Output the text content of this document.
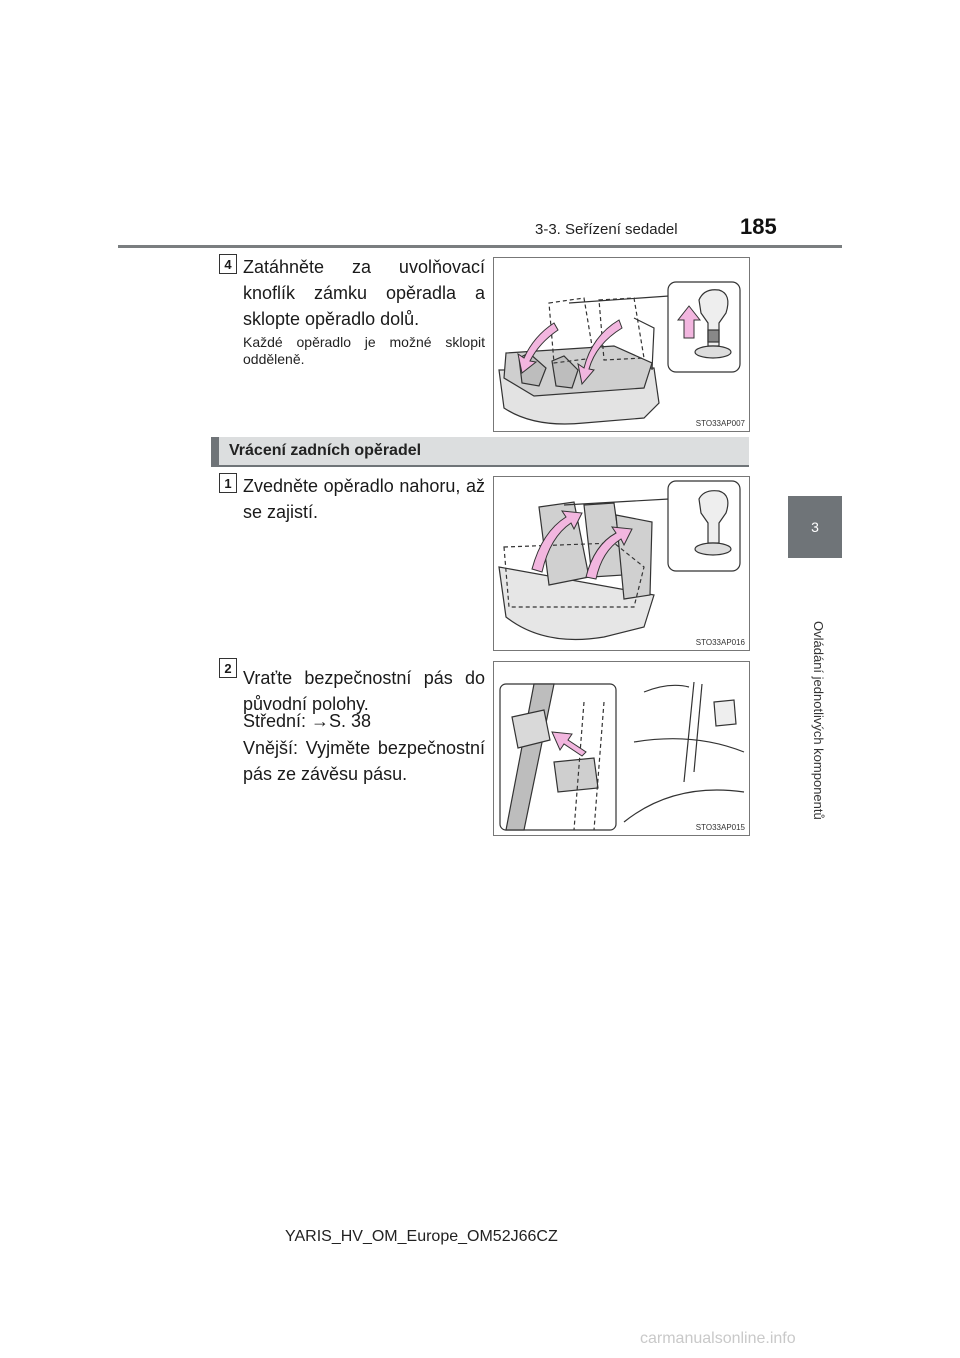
3-3. Seřízení sedadel	185
3
Ovládání jednotlivých komponentů
4 Zatáhněte za uvolňovací knoflík zámku opěradla a sklopte opěradlo dolů.
Každé opěradlo je možné sklopit odděleně.
STO33AP007
Vrácení zadních opěradel
1 Zvedněte opěradlo nahoru, až se zajistí.
STO33AP016
2 Vraťte bezpečnostní pás do původní polohy.
Střední: →S. 38
Vnější: Vyjměte bezpečnostní pás ze závěsu pásu.
STO33AP015
YARIS_HV_OM_Europe_OM52J66CZ
carmanualsonline.info
